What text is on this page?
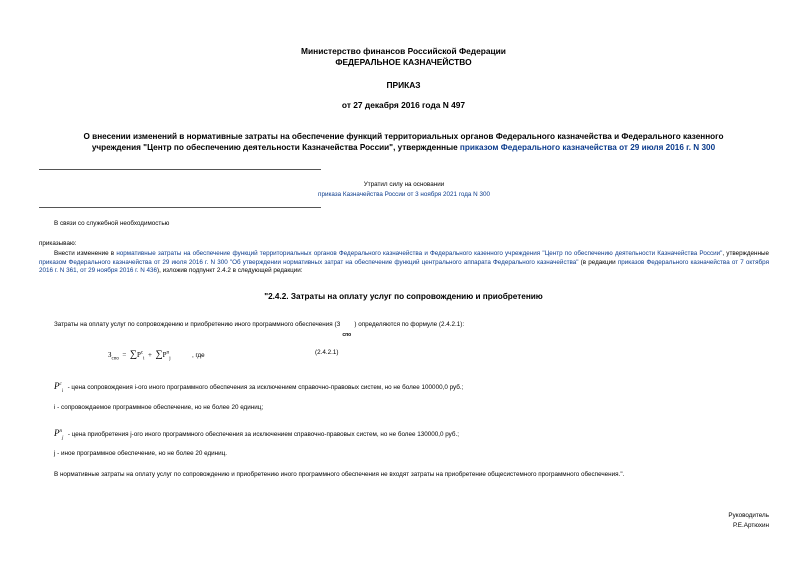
Министерство финансов Российской Федерации
ФЕДЕРАЛЬНОЕ КАЗНАЧЕЙСТВО
ПРИКАЗ
от 27 декабря 2016 года N 497
О внесении изменений в нормативные затраты на обеспечение функций территориальных органов Федерального казначейства и Федерального казенного
учреждения "Центр по обеспечению деятельности Казначейства России", утвержденные приказом Федерального казначейства от 29 июля 2016 г. N 300
Утратил силу на основании
приказа Казначейства России от 3 ноября 2021 года N 300
В связи со служебной необходимостью
приказываю:
Внести изменение в нормативные затраты на обеспечение функций территориальных органов Федерального казначейства и Федерального казенного учреждения "Центр по обеспечению деятельности Казначейства России", утвержденные приказом Федерального казначейства от 29 июля 2016 г. N 300 "Об утверждении нормативных затрат на обеспечение функций центрального аппарата Федерального казначейства" (в редакции приказов Федерального казначейства от 7 октября 2016 г. N 361, от 29 ноября 2016 г. N 436), изложив подпункт 2.4.2 в следующей редакции:
"2.4.2. Затраты на оплату услуг по сопровождению и приобретению
Затраты на оплату услуг по сопровождению и приобретению иного программного обеспечения (З
спо
) определяются по формуле (2.4.2.1):
$З_{спо} = \sum P^c_i + \sum P^п_j$	, где	(2.4.2.1)
$P^c_i$ - цена сопровождения i-ого иного программного обеспечения за исключением справочно-правовых систем, но не более 100000,0 руб.;
i - сопровождаемое программное обеспечение, но не более 20 единиц;
$P^п_j$ - цена приобретения j-ого иного программного обеспечения за исключением справочно-правовых систем, но не более 130000,0 руб.;
j - иное программное обеспечение, но не более 20 единиц.
В нормативные затраты на оплату услуг по сопровождению и приобретению иного программного обеспечения не входят затраты на приобретение общесистемного программного обеспечения.".
Руководитель
Р.Е.Артюхин
